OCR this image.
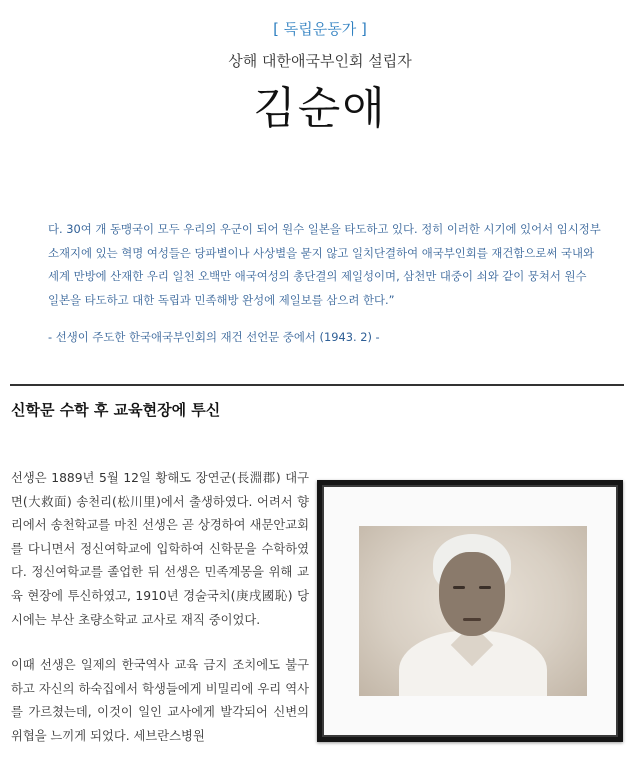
[ 독립운동가 ]
상해 대한애국부인회 설립자
김순애

다. 30여 개 동맹국이 모두 우리의 우군이 되어 원수 일본을 타도하고 있다. 정히 이러한 시기에 있어서 임시정부

소재지에 있는 혁명 여성들은 당파별이나 사상별을 묻지 않고 일치단결하여 애국부인회를 재건함으로써 국내와

세계 만방에 산재한 우리 일천 오백만 애국여성의 총단결의 제일성이며, 삼천만 대중이 쇠와 같이 뭉쳐서 원수

일본을 타도하고 대한 독립과 민족해방 완성에 제일보를 삼으려 한다.”

- 선생이 주도한 한국애국부인회의 재건 선언문 중에서 (1943. 2) -

신학문 수학 후 교육현장에 투신

선생은 1889년 5월 12일 황해도 장연군(長淵郡) 대구면(大救面) 송천리(松川里)에서 출생하였다. 어려서 향리에서 송천학교를 마친 선생은 곧 상경하여 새문안교회를 다니면서 정신여학교에 입학하여 신학문을 수학하였다. 정신여학교를 졸업한 뒤 선생은 민족계몽을 위해 교육 현장에 투신하였고, 1910년 경술국치(庚戌國恥) 당시에는 부산 초량소학교 교사로 재직 중이었다.

이때 선생은 일제의 한국역사 교육 금지 조치에도 불구하고 자신의 하숙집에서 학생들에게 비밀리에 우리 역사를 가르쳤는데, 이것이 일인 교사에게 발각되어 신변의 위협을 느끼게 되었다. 세브란스병원
